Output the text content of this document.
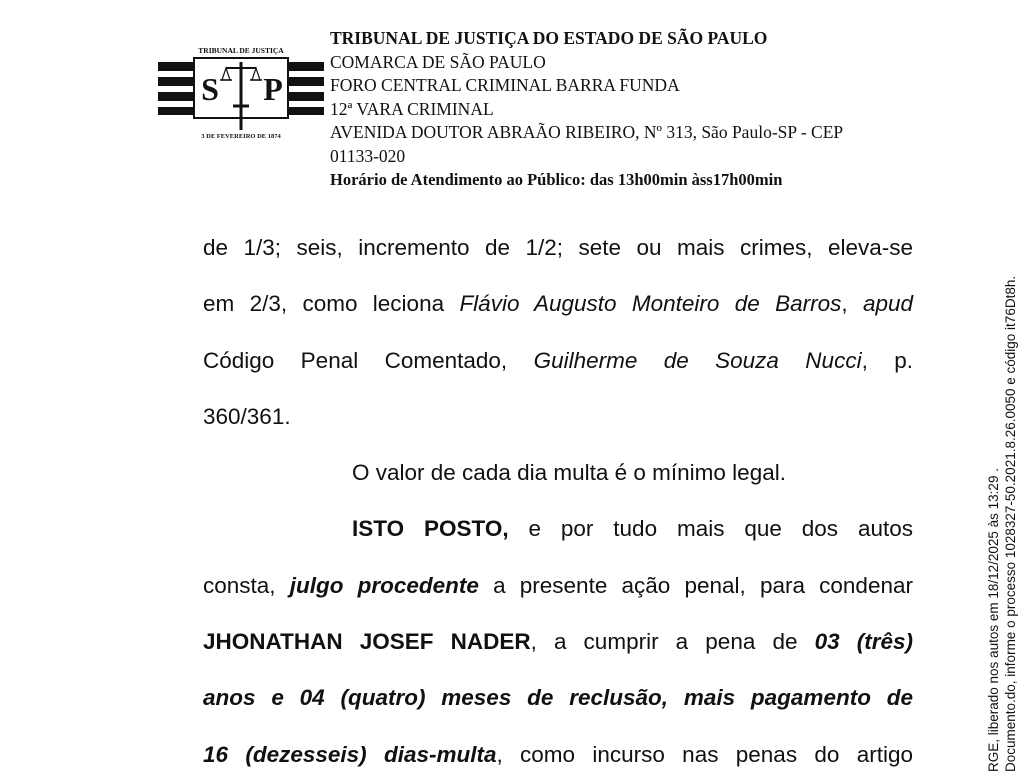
TRIBUNAL DE JUSTIÇA
S P
3 DE FEVEREIRO DE 1874
TRIBUNAL DE JUSTIÇA DO ESTADO DE SÃO PAULO
COMARCA DE SÃO PAULO
FORO CENTRAL CRIMINAL BARRA FUNDA
12ª VARA CRIMINAL
AVENIDA DOUTOR ABRAÃO RIBEIRO, Nº 313, São Paulo-SP - CEP
01133-020
Horário de Atendimento ao Público: das 13h00min àss17h00min
de 1/3; seis, incremento de 1/2; sete ou mais crimes, eleva-se
em 2/3, como leciona Flávio Augusto Monteiro de Barros, apud
Código Penal Comentado, Guilherme de Souza Nucci, p.
360/361.
O valor de cada dia multa é o mínimo legal.
ISTO POSTO, e por tudo mais que dos autos
consta, julgo procedente a presente ação penal, para condenar
JHONATHAN JOSEF NADER, a cumprir a pena de 03 (três)
anos e 04 (quatro) meses de reclusão, mais pagamento de
16 (dezesseis) dias-multa, como incurso nas penas do artigo	RGE, liberado nos autos em 18/12/2025 às 13:29 . Documento.do, informe o processo 1028327-50.2021.8.26.0050 e código it76Dt8h.
